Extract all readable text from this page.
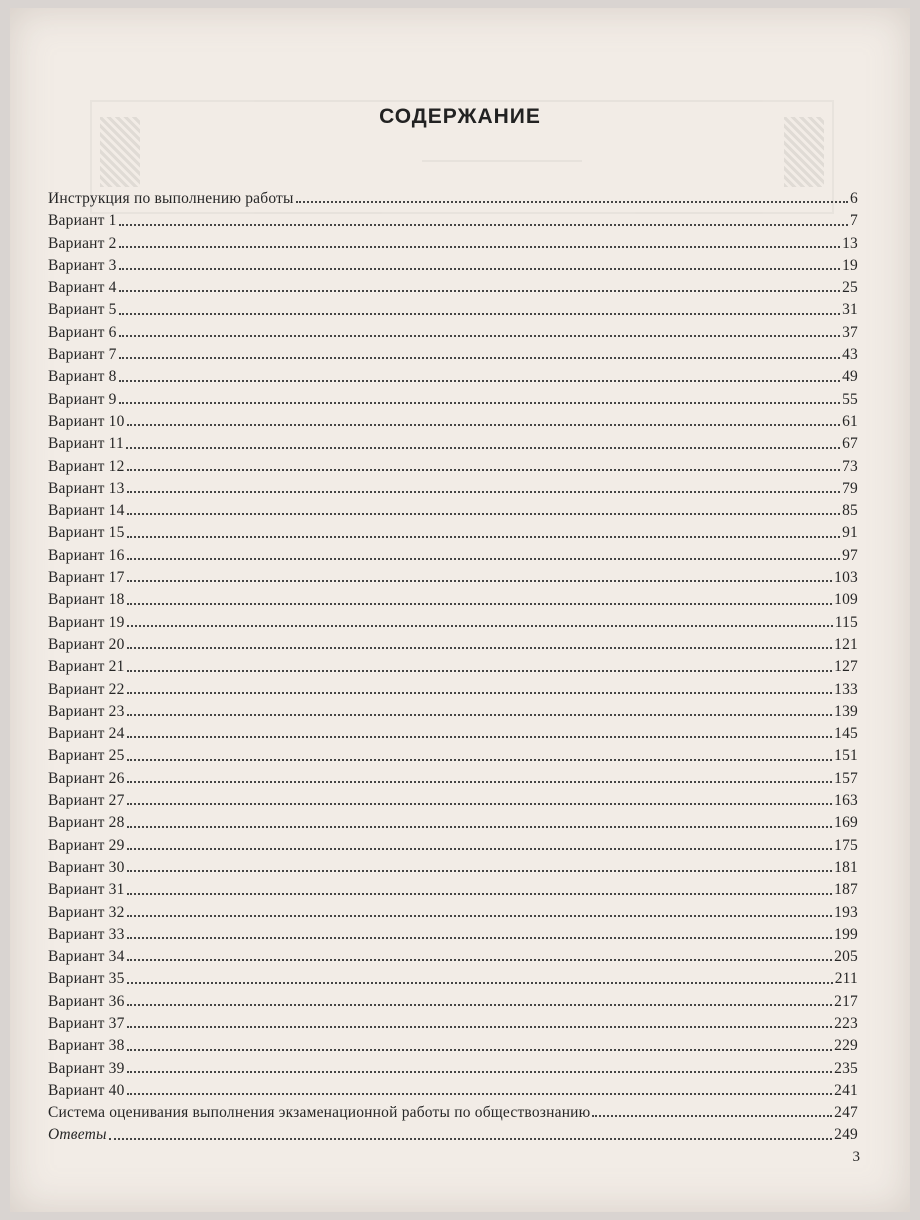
СОДЕРЖАНИЕ
Инструкция по выполнению работы	6
Вариант 1	7
Вариант 2	13
Вариант 3	19
Вариант 4	25
Вариант 5	31
Вариант 6	37
Вариант 7	43
Вариант 8	49
Вариант 9	55
Вариант 10	61
Вариант 11	67
Вариант 12	73
Вариант 13	79
Вариант 14	85
Вариант 15	91
Вариант 16	97
Вариант 17	103
Вариант 18	109
Вариант 19	115
Вариант 20	121
Вариант 21	127
Вариант 22	133
Вариант 23	139
Вариант 24	145
Вариант 25	151
Вариант 26	157
Вариант 27	163
Вариант 28	169
Вариант 29	175
Вариант 30	181
Вариант 31	187
Вариант 32	193
Вариант 33	199
Вариант 34	205
Вариант 35	211
Вариант 36	217
Вариант 37	223
Вариант 38	229
Вариант 39	235
Вариант 40	241
Система оценивания выполнения экзаменационной работы по обществознанию	247
Ответы	249
3
